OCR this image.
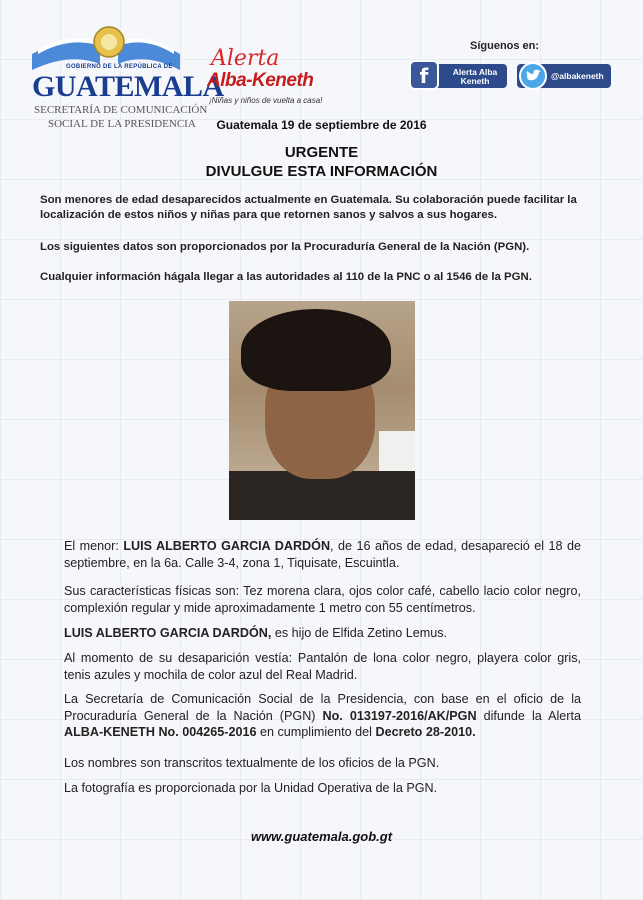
GOBIERNO DE LA REPÚBLICA DE
GUATEMALA
SECRETARÍA DE COMUNICACIÓN
SOCIAL DE LA PRESIDENCIA
Alerta
Alba-Keneth
¡Niñas y niños de vuelta a casa!
Síguenos en:
f	Alerta Alba Keneth	@albakeneth
Guatemala 19 de septiembre de 2016
URGENTE
DIVULGUE ESTA INFORMACIÓN
Son menores de edad desaparecidos actualmente en Guatemala. Su colaboración puede facilitar la localización de estos niños y niñas para que retornen sanos y salvos a sus hogares.
Los siguientes datos son proporcionados por la Procuraduría General de la Nación (PGN).
Cualquier información hágala llegar a las autoridades al 110 de la PNC o al 1546 de la PGN.
El menor: LUIS ALBERTO GARCIA DARDÓN, de 16 años de edad, desapareció el 18 de septiembre, en la 6a. Calle 3-4, zona 1, Tiquisate, Escuintla.
Sus características físicas son: Tez morena clara, ojos color café, cabello lacio color negro, complexión regular y mide aproximadamente 1 metro con 55 centímetros.
LUIS ALBERTO GARCIA DARDÓN, es hijo de Elfida Zetino Lemus.
Al momento de su desaparición vestía: Pantalón de lona color negro, playera color gris, tenis azules y mochila de color azul del Real Madrid.
La Secretaría de Comunicación Social de la Presidencia, con base en el oficio de la Procuraduría General de la Nación (PGN) No. 013197-2016/AK/PGN difunde la Alerta ALBA-KENETH No. 004265-2016 en cumplimiento del Decreto 28-2010.
Los nombres son transcritos textualmente de los oficios de la PGN.
La fotografía es proporcionada por la Unidad Operativa de la PGN.
www.guatemala.gob.gt
